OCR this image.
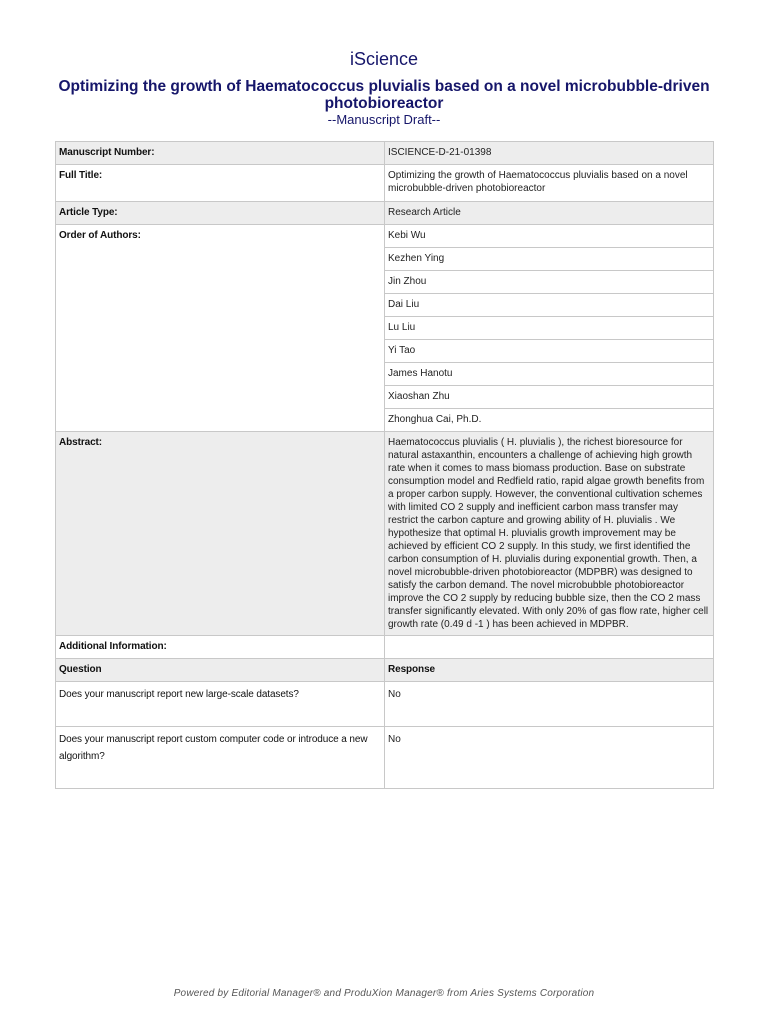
iScience
Optimizing the growth of Haematococcus pluvialis based on a novel microbubble-driven photobioreactor
--Manuscript Draft--
Manuscript Number:	ISCIENCE-D-21-01398
Full Title:	Optimizing the growth of Haematococcus pluvialis based on a novel microbubble-driven photobioreactor
Article Type:	Research Article
Order of Authors:	Kebi Wu
	Kezhen Ying
	Jin Zhou
	Dai Liu
	Lu Liu
	Yi Tao
	James Hanotu
	Xiaoshan Zhu
	Zhonghua Cai, Ph.D.
Abstract:	Haematococcus pluvialis ( H. pluvialis ), the richest bioresource for natural astaxanthin, encounters a challenge of achieving high growth rate when it comes to mass biomass production. Base on substrate consumption model and Redfield ratio, rapid algae growth benefits from a proper carbon supply. However, the conventional cultivation schemes with limited CO 2 supply and inefficient carbon mass transfer may restrict the carbon capture and growing ability of H. pluvialis . We hypothesize that optimal H. pluvialis growth improvement may be achieved by efficient CO 2 supply. In this study, we first identified the carbon consumption of H. pluvialis during exponential growth. Then, a novel microbubble-driven photobioreactor (MDPBR) was designed to satisfy the carbon demand. The novel microbubble photobioreactor improve the CO 2 supply by reducing bubble size, then the CO 2 mass transfer significantly elevated. With only 20% of gas flow rate, higher cell growth rate (0.49 d -1 ) has been achieved in MDPBR.
Additional Information:	
Question	Response
Does your manuscript report new large-scale datasets?	No
Does your manuscript report custom computer code or introduce a new algorithm?	No
Powered by Editorial Manager® and ProduXion Manager® from Aries Systems Corporation
